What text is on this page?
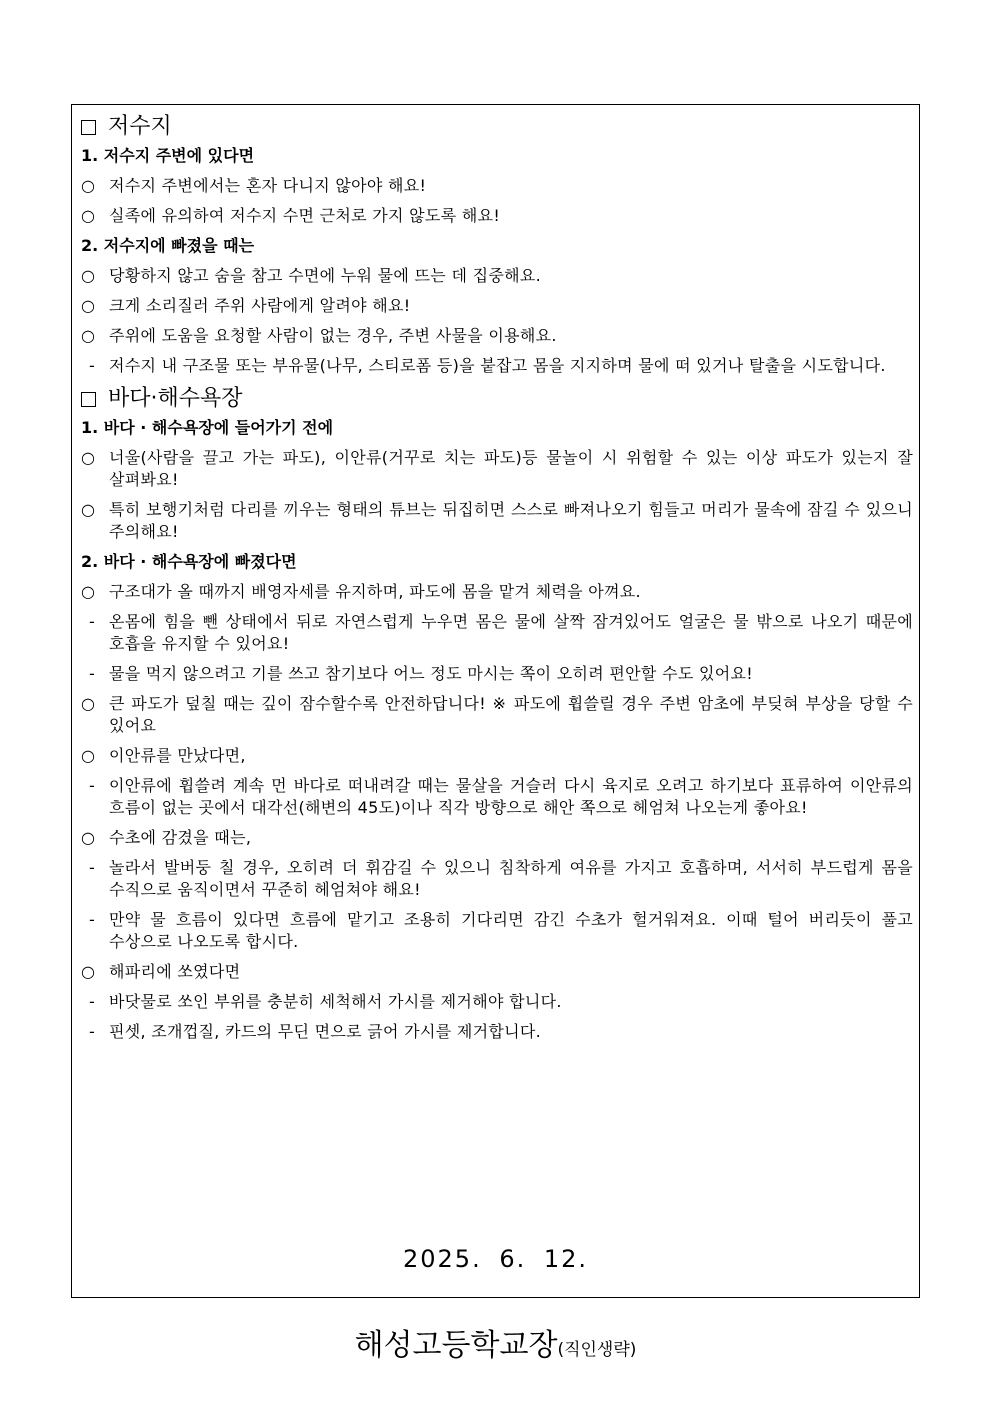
저수지
1. 저수지 주변에 있다면
○ 저수지 주변에서는 혼자 다니지 않아야 해요!
○ 실족에 유의하여 저수지 수면 근처로 가지 않도록 해요!
2. 저수지에 빠졌을 때는
○ 당황하지 않고 숨을 참고 수면에 누워 물에 뜨는 데 집중해요.
○ 크게 소리질러 주위 사람에게 알려야 해요!
○ 주위에 도움을 요청할 사람이 없는 경우, 주변 사물을 이용해요.
- 저수지 내 구조물 또는 부유물(나무, 스티로폼 등)을 붙잡고 몸을 지지하며 물에 떠 있거나 탈출을 시도합니다.
바다·해수욕장
1. 바다 · 해수욕장에 들어가기 전에
○ 너울(사람을 끌고 가는 파도), 이안류(거꾸로 치는 파도)등 물놀이 시 위험할 수 있는 이상 파도가 있는지 잘 살펴봐요!
○ 특히 보행기처럼 다리를 끼우는 형태의 튜브는 뒤집히면 스스로 빠져나오기 힘들고 머리가 물속에 잠길 수 있으니 주의해요!
2. 바다 · 해수욕장에 빠졌다면
○ 구조대가 올 때까지 배영자세를 유지하며, 파도에 몸을 맡겨 체력을 아껴요.
- 온몸에 힘을 뺀 상태에서 뒤로 자연스럽게 누우면 몸은 물에 살짝 잠겨있어도 얼굴은 물 밖으로 나오기 때문에 호흡을 유지할 수 있어요!
- 물을 먹지 않으려고 기를 쓰고 참기보다 어느 정도 마시는 쪽이 오히려 편안할 수도 있어요!
○ 큰 파도가 덮칠 때는 깊이 잠수할수록 안전하답니다! ※ 파도에 휩쓸릴 경우 주변 암초에 부딪혀 부상을 당할 수 있어요
○ 이안류를 만났다면,
- 이안류에 휩쓸려 계속 먼 바다로 떠내려갈 때는 물살을 거슬러 다시 육지로 오려고 하기보다 표류하여 이안류의 흐름이 없는 곳에서 대각선(해변의 45도)이나 직각 방향으로 해안 쪽으로 헤엄쳐 나오는게 좋아요!
○ 수초에 감겼을 때는,
- 놀라서 발버둥 칠 경우, 오히려 더 휘감길 수 있으니 침착하게 여유를 가지고 호흡하며, 서서히 부드럽게 몸을 수직으로 움직이면서 꾸준히 헤엄쳐야 해요!
- 만약 물 흐름이 있다면 흐름에 맡기고 조용히 기다리면 감긴 수초가 헐거워져요. 이때 털어 버리듯이 풀고 수상으로 나오도록 합시다.
○ 해파리에 쏘였다면
- 바닷물로 쏘인 부위를 충분히 세척해서 가시를 제거해야 합니다.
- 핀셋, 조개껍질, 카드의 무딘 면으로 긁어 가시를 제거합니다.
2025. 6. 12.
해성고등학교장(직인생략)
